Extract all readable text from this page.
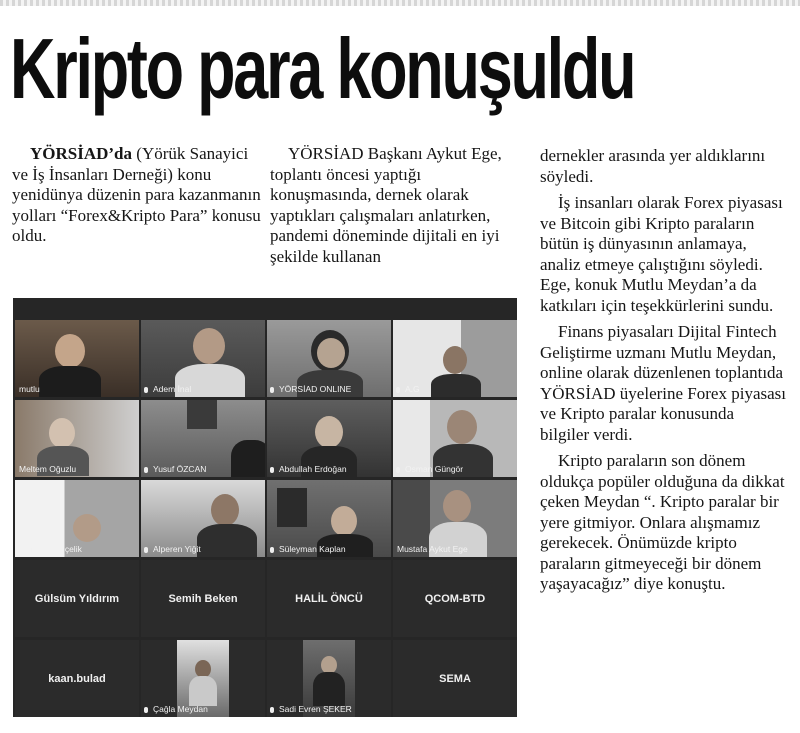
Kripto para konuşuldu

YÖRSİAD’da (Yörük Sanayici ve İş İnsanları Derneği) konu yenidünya düzenin para kazanmanın yolları “Forex&Kripto Para” konusu oldu.

YÖRSİAD Başkanı Aykut Ege, toplantı öncesi yaptığı konuşmasında, dernek olarak yaptıkları çalışmaları anlatırken, pandemi döneminde dijitali en iyi şekilde kullanan

dernekler arasında yer aldıklarını söyledi.

İş insanları olarak Forex piyasası ve Bitcoin gibi Kripto paraların bütün iş dünyasının anlamaya, analiz etmeye çalıştığını söyledi. Ege, konuk Mutlu Meydan’a da katkıları için teşekkürlerini sundu.

Finans piyasaları Dijital Fintech Geliştirme uzmanı Mutlu Meydan, online olarak düzenlenen toplantıda YÖRSİAD üyelerine Forex piyasası ve Kripto paralar konusunda bilgiler verdi.

Kripto paraların son dönem oldukça popüler olduğuna da dikkat çeken Meydan “. Kripto paralar bir yere gitmiyor. Onlara alışmamız gerekecek. Önümüzde kripto paraların gitmeyeceği bir dönem yaşayacağız” diye konuştu.

mutlu	Adem İnal	YÖRSİAD ONLINE	A.G
Meltem Oğuzlu	Yusuf ÖZCAN	Abdullah Erdoğan	Osman Güngör
stafa özcan çelik	Alperen Yiğit	Süleyman Kaplan	Mustafa Aykut Ege
Gülsüm Yıldırım	Semih Beken	HALİL ÖNCÜ	QCOM-BTD
kaan.bulad
Çağla Meydan	Sadi Evren ŞEKER
SEMA
